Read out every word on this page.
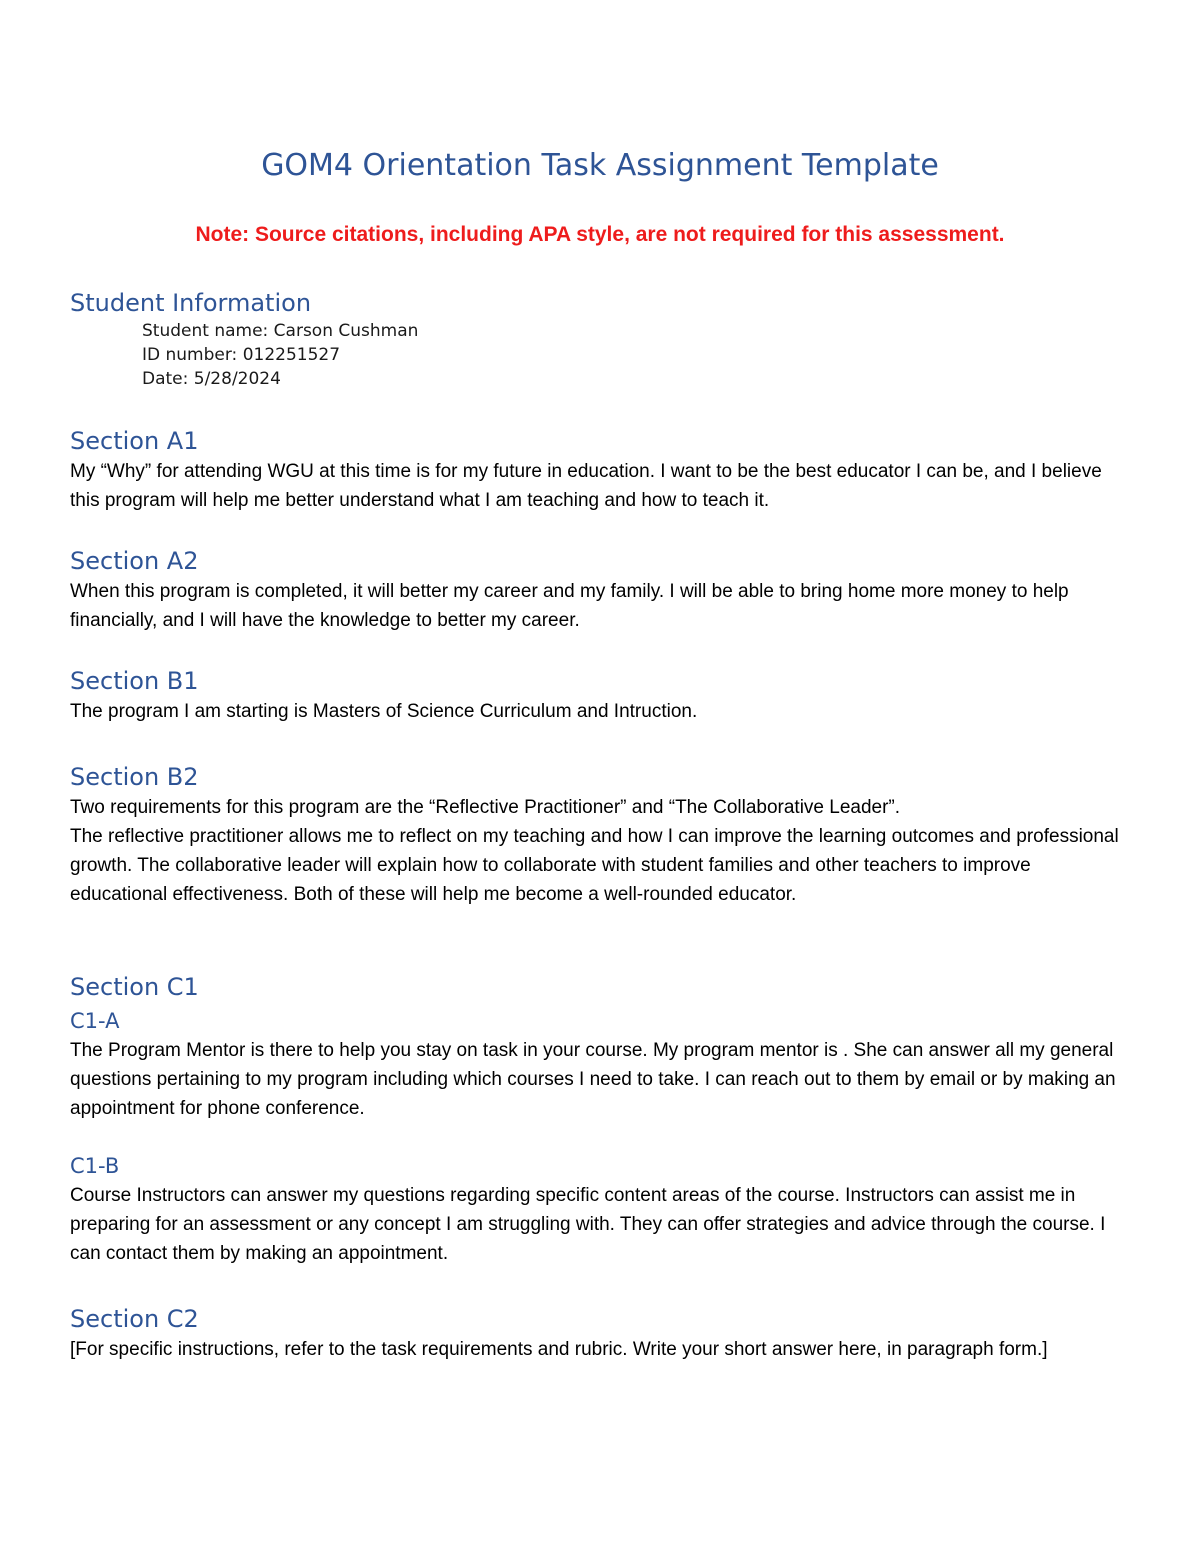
GOM4 Orientation Task Assignment Template

Note: Source citations, including APA style, are not required for this assessment.

Student Information

Student name: Carson Cushman

ID number: 012251527

Date: 5/28/2024

Section A1

My “Why” for attending WGU at this time is for my future in education. I want to be the best educator I can be, and I believe this program will help me better understand what I am teaching and how to teach it.

Section A2

When this program is completed, it will better my career and my family. I will be able to bring home more money to help financially, and I will have the knowledge to better my career.

Section B1

The program I am starting is Masters of Science Curriculum and Intruction.

Section B2

Two requirements for this program are the “Reflective Practitioner” and “The Collaborative Leader”.

The reflective practitioner allows me to reflect on my teaching and how I can improve the learning outcomes and professional growth. The collaborative leader will explain how to collaborate with student families and other teachers to improve educational effectiveness. Both of these will help me become a well-rounded educator.

Section C1
C1-A

The Program Mentor is there to help you stay on task in your course. My program mentor is . She can answer all my general questions pertaining to my program including which courses I need to take. I can reach out to them by email or by making an appointment for phone conference.

C1-B

Course Instructors can answer my questions regarding specific content areas of the course. Instructors can assist me in preparing for an assessment or any concept I am struggling with. They can offer strategies and advice through the course. I can contact them by making an appointment.

Section C2

[For specific instructions, refer to the task requirements and rubric. Write your short answer here, in paragraph form.]
